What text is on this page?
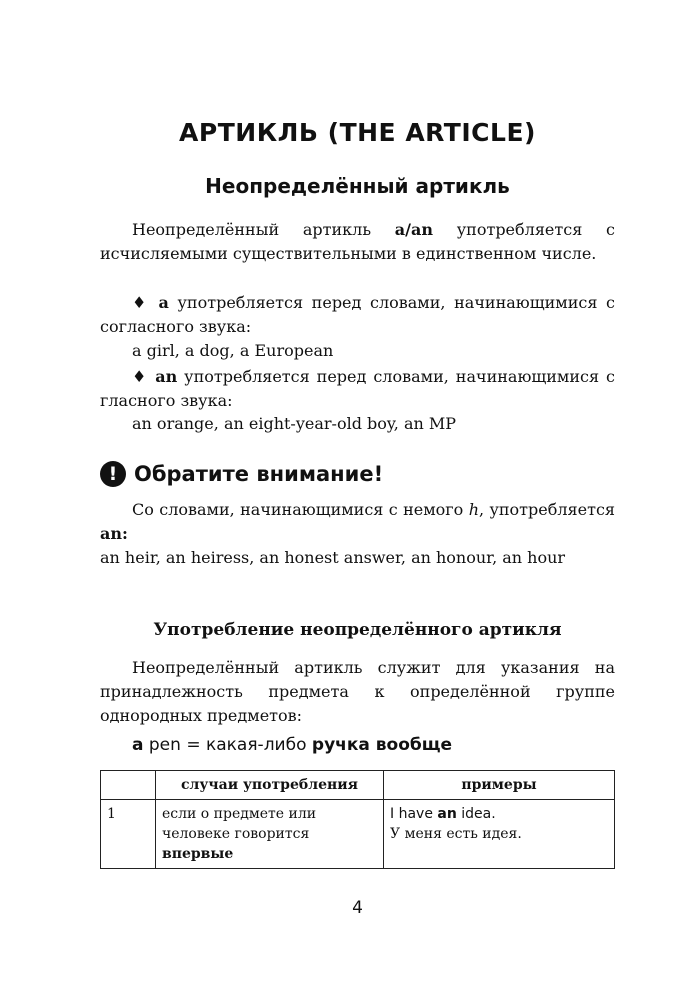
АРТИКЛЬ (THE ARTICLE)
Неопределённый артикль
Неопределённый артикль a/an употребляется с исчисляемыми существительными в единственном числе.
♦ a употребляется перед словами, начинающимися с согласного звука:
a girl, a dog, a European
♦ an употребляется перед словами, начинающимися с гласного звука:
an orange, an eight-year-old boy, an MP
! Обратите внимание!
Со словами, начинающимися с немого h, употребляется an:
an heir, an heiress, an honest answer, an honour, an hour
Употребление неопределённого артикля
Неопределённый артикль служит для указания на принадлежность предмета к определённой группе однородных предметов:
a pen = какая-либо ручка вообще
	случаи употребления	примеры
1	если о предмете или человеке говорится впервые	I have an idea.
У меня есть идея.
4
